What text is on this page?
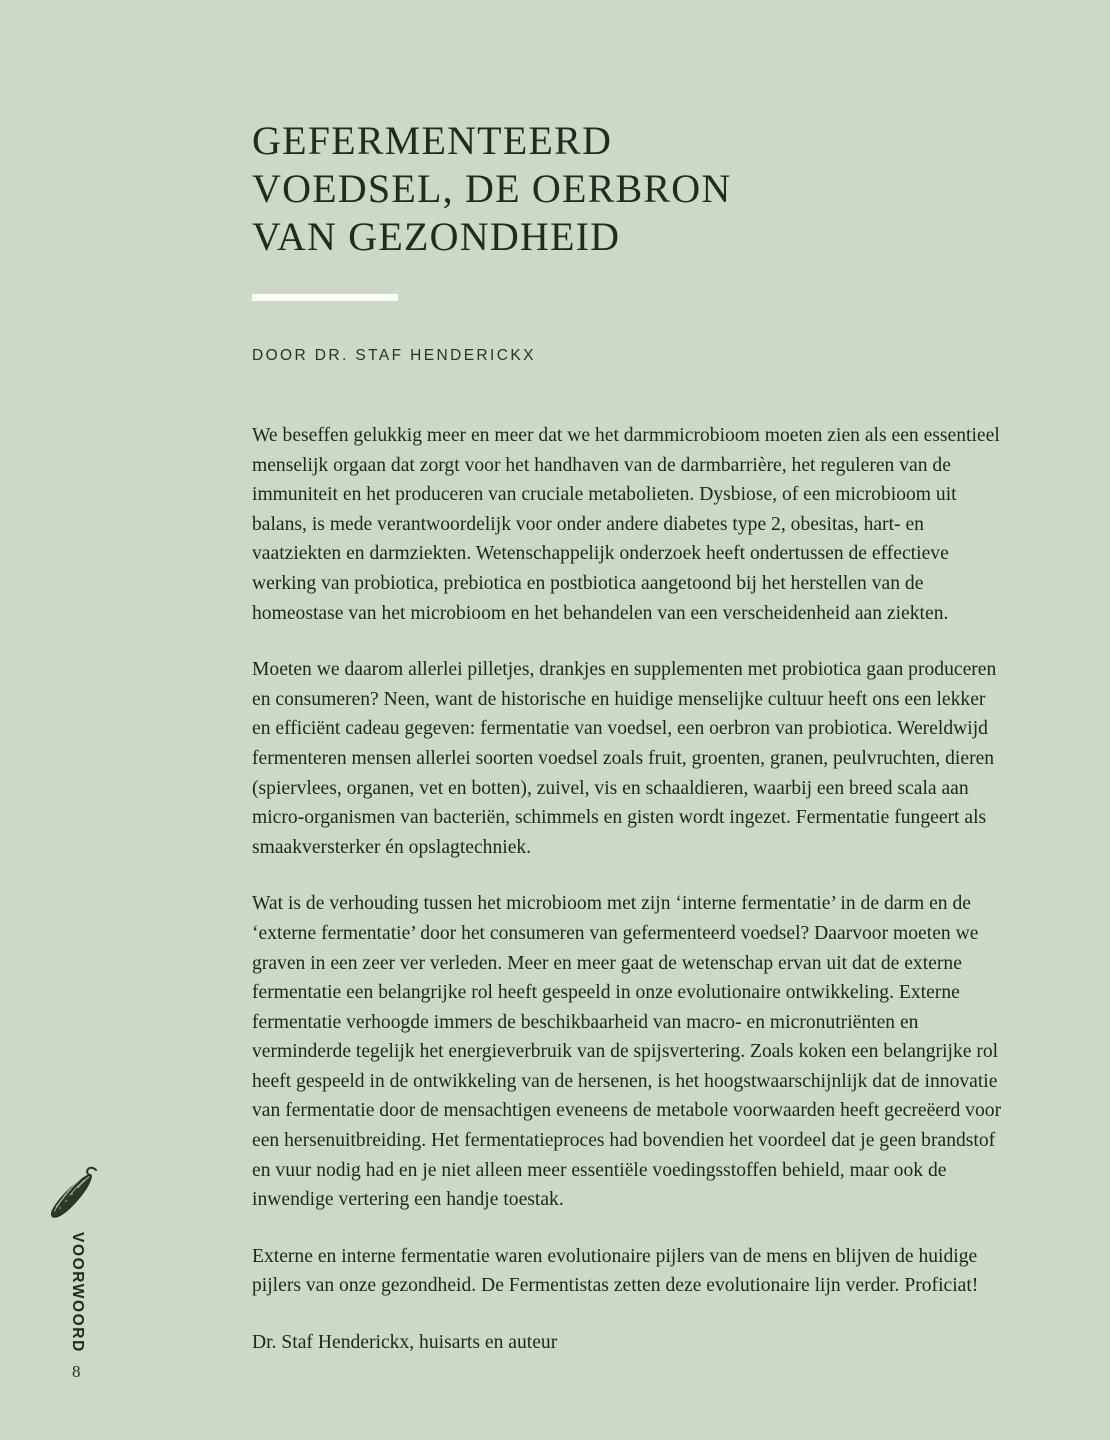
VOORWOORD
8
GEFERMENTEERD VOEDSEL, DE OERBRON VAN GEZONDHEID
DOOR DR. STAF HENDERICKX

We beseffen gelukkig meer en meer dat we het darmmicrobioom moeten zien als een essentieel menselijk orgaan dat zorgt voor het handhaven van de darmbarrière, het reguleren van de immuniteit en het produceren van cruciale metabolieten. Dysbiose, of een microbioom uit balans, is mede verantwoordelijk voor onder andere diabetes type 2, obesitas, hart- en vaatziekten en darmziekten. Wetenschappelijk onderzoek heeft ondertussen de effectieve werking van probiotica, prebiotica en postbiotica aangetoond bij het herstellen van de homeostase van het microbioom en het behandelen van een verscheidenheid aan ziekten.

Moeten we daarom allerlei pilletjes, drankjes en supplementen met probiotica gaan produceren en consumeren? Neen, want de historische en huidige menselijke cultuur heeft ons een lekker en efficiënt cadeau gegeven: fermentatie van voedsel, een oerbron van probiotica. Wereldwijd fermenteren mensen allerlei soorten voedsel zoals fruit, groenten, granen, peulvruchten, dieren (spiervlees, organen, vet en botten), zuivel, vis en schaaldieren, waarbij een breed scala aan micro-organismen van bacteriën, schimmels en gisten wordt ingezet. Fermentatie fungeert als smaakversterker én opslagtechniek.

Wat is de verhouding tussen het microbioom met zijn ‘interne fermentatie’ in de darm en de ‘externe fermentatie’ door het consumeren van gefermenteerd voedsel? Daarvoor moeten we graven in een zeer ver verleden. Meer en meer gaat de wetenschap ervan uit dat de externe fermentatie een belangrijke rol heeft gespeeld in onze evolutionaire ontwikkeling. Externe fermentatie verhoogde immers de beschikbaarheid van macro- en micronutriënten en verminderde tegelijk het energieverbruik van de spijsvertering. Zoals koken een belangrijke rol heeft gespeeld in de ontwikkeling van de hersenen, is het hoogstwaarschijnlijk dat de innovatie van fermentatie door de mensachtigen eveneens de metabole voorwaarden heeft gecreëerd voor een hersenuitbreiding. Het fermentatieproces had bovendien het voordeel dat je geen brandstof en vuur nodig had en je niet alleen meer essentiële voedingsstoffen behield, maar ook de inwendige vertering een handje toestak.

Externe en interne fermentatie waren evolutionaire pijlers van de mens en blijven de huidige pijlers van onze gezondheid. De Fermentistas zetten deze evolutionaire lijn verder. Proficiat!

Dr. Staf Henderickx, huisarts en auteur
